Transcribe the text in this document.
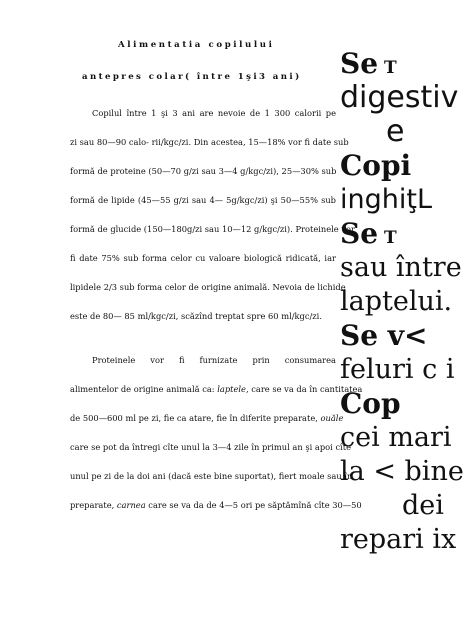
Alimentatia copilului
antepres colar( între 1şi3 ani)
Copilul între 1 şi 3 ani are nevoie de 1 300 calorii pe
zi sau 80—90 calo- rii/kgc/zi. Din acestea, 15—18% vor fi date sub
formă de proteine (50—70 g/zi sau 3—4 g/kgc/zi), 25—30% sub
formă de lipide (45—55 g/zi sau 4— 5g/kgc/zi) şi 50—55% sub
formă de glucide (150—180g/zi sau 10—12 g/kgc/zi). Proteinele vor
fi date 75% sub forma celor cu valoare biologică ridicată, iar
lipidele 2/3 sub forma celor de origine animală. Nevoia de lichide
este de 80— 85 ml/kgc/zi, scăzînd treptat spre 60 ml/kgc/zi.
Proteinele vor fi furnizate prin consumarea
alimentelor de origine animală ca: laptele, care se va da în cantitatea
de 500—600 ml pe zi, fie ca atare, fie în diferite preparate, ouăle
care se pot da întregi cîte unul la 3—4 zile în primul an şi apoi cîte
unul pe zi de la doi ani (dacă este bine suportat), fiert moale sau în
preparate, carnea care se va da de 4—5 ori pe săptămînă cîte 30—50
Se T
digestiv
e
Copi
inghiţL
Se T
sau între
laptelui.
Se v<
feluri c i
Cop
cei mari
la < bine
dei
repari ix
